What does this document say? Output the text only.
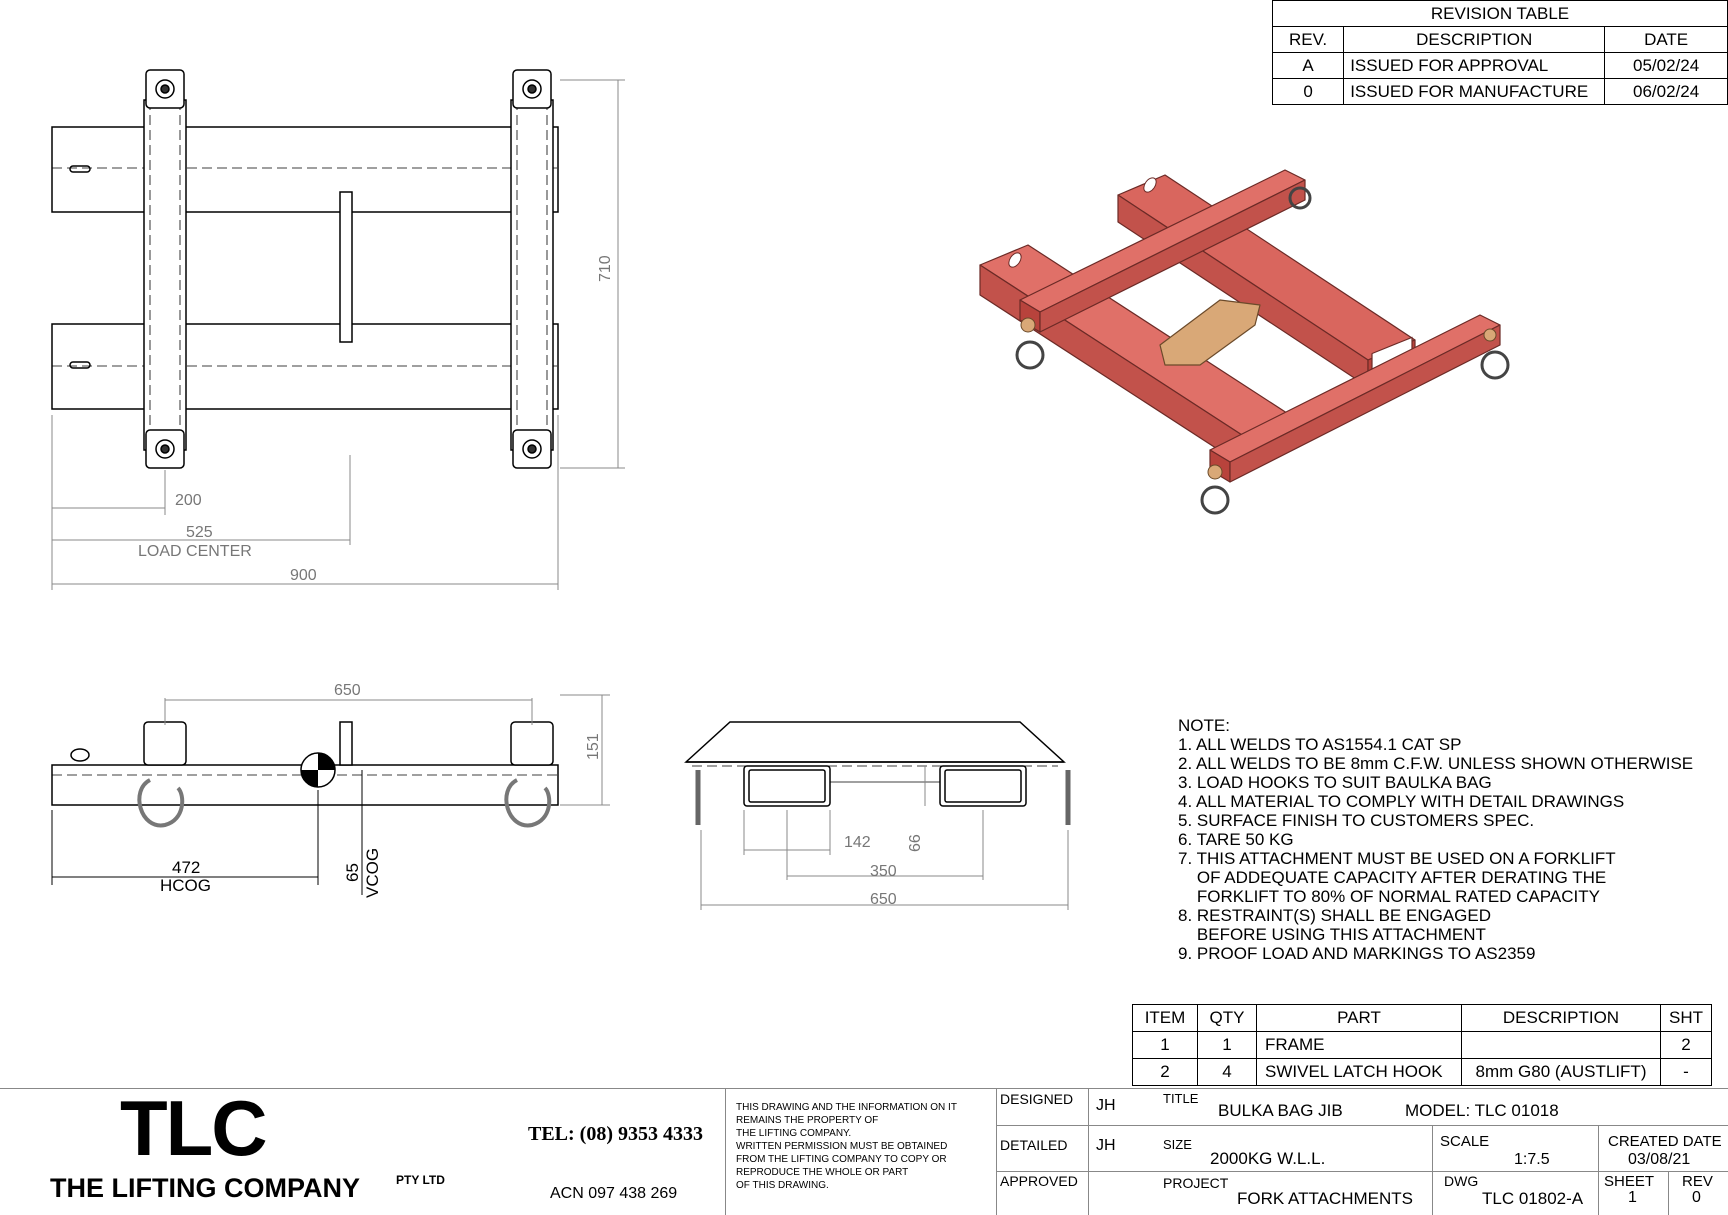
REVISION TABLE		
REV.	DESCRIPTION	DATE
A	ISSUED FOR APPROVAL	05/02/24
0	ISSUED FOR MANUFACTURE	06/02/24
200
525
LOAD CENTER
900
710
650
151
472
HCOG
65 VCOG
142 66
350
650
NOTE:
1. ALL WELDS TO AS1554.1 CAT SP
2. ALL WELDS TO BE 8mm C.F.W. UNLESS SHOWN OTHERWISE
3. LOAD HOOKS TO SUIT BAULKA BAG
4. ALL MATERIAL TO COMPLY WITH DETAIL DRAWINGS
5. SURFACE FINISH TO CUSTOMERS SPEC.
6. TARE 50 KG
7. THIS ATTACHMENT MUST BE USED ON A FORKLIFT
OF ADDEQUATE CAPACITY AFTER DERATING THE
FORKLIFT TO 80% OF NORMAL RATED CAPACITY
8. RESTRAINT(S) SHALL BE ENGAGED
BEFORE USING THIS ATTACHMENT
9. PROOF LOAD AND MARKINGS TO AS2359
ITEM	QTY	PART	DESCRIPTION	SHT
1	1	FRAME		2
2	4	SWIVEL LATCH HOOK	8mm G80 (AUSTLIFT)	-
TLC
THE LIFTING COMPANY	PTY LTD
TEL: (08) 9353 4333
ACN 097 438 269
THIS DRAWING AND THE INFORMATION ON IT
REMAINS THE PROPERTY OF
THE LIFTING COMPANY.
WRITTEN PERMISSION MUST BE OBTAINED
FROM THE LIFTING COMPANY TO COPY OR
REPRODUCE THE WHOLE OR PART
OF THIS DRAWING.
DESIGNED JH
DETAILED JH
APPROVED
TITLE
BULKA BAG JIB	MODEL: TLC 01018
SIZE
2000KG W.L.L.
SCALE
1:7.5
CREATED DATE
03/08/21
PROJECT
FORK ATTACHMENTS
DWG
TLC 01802-A
SHEET
1
REV
0
